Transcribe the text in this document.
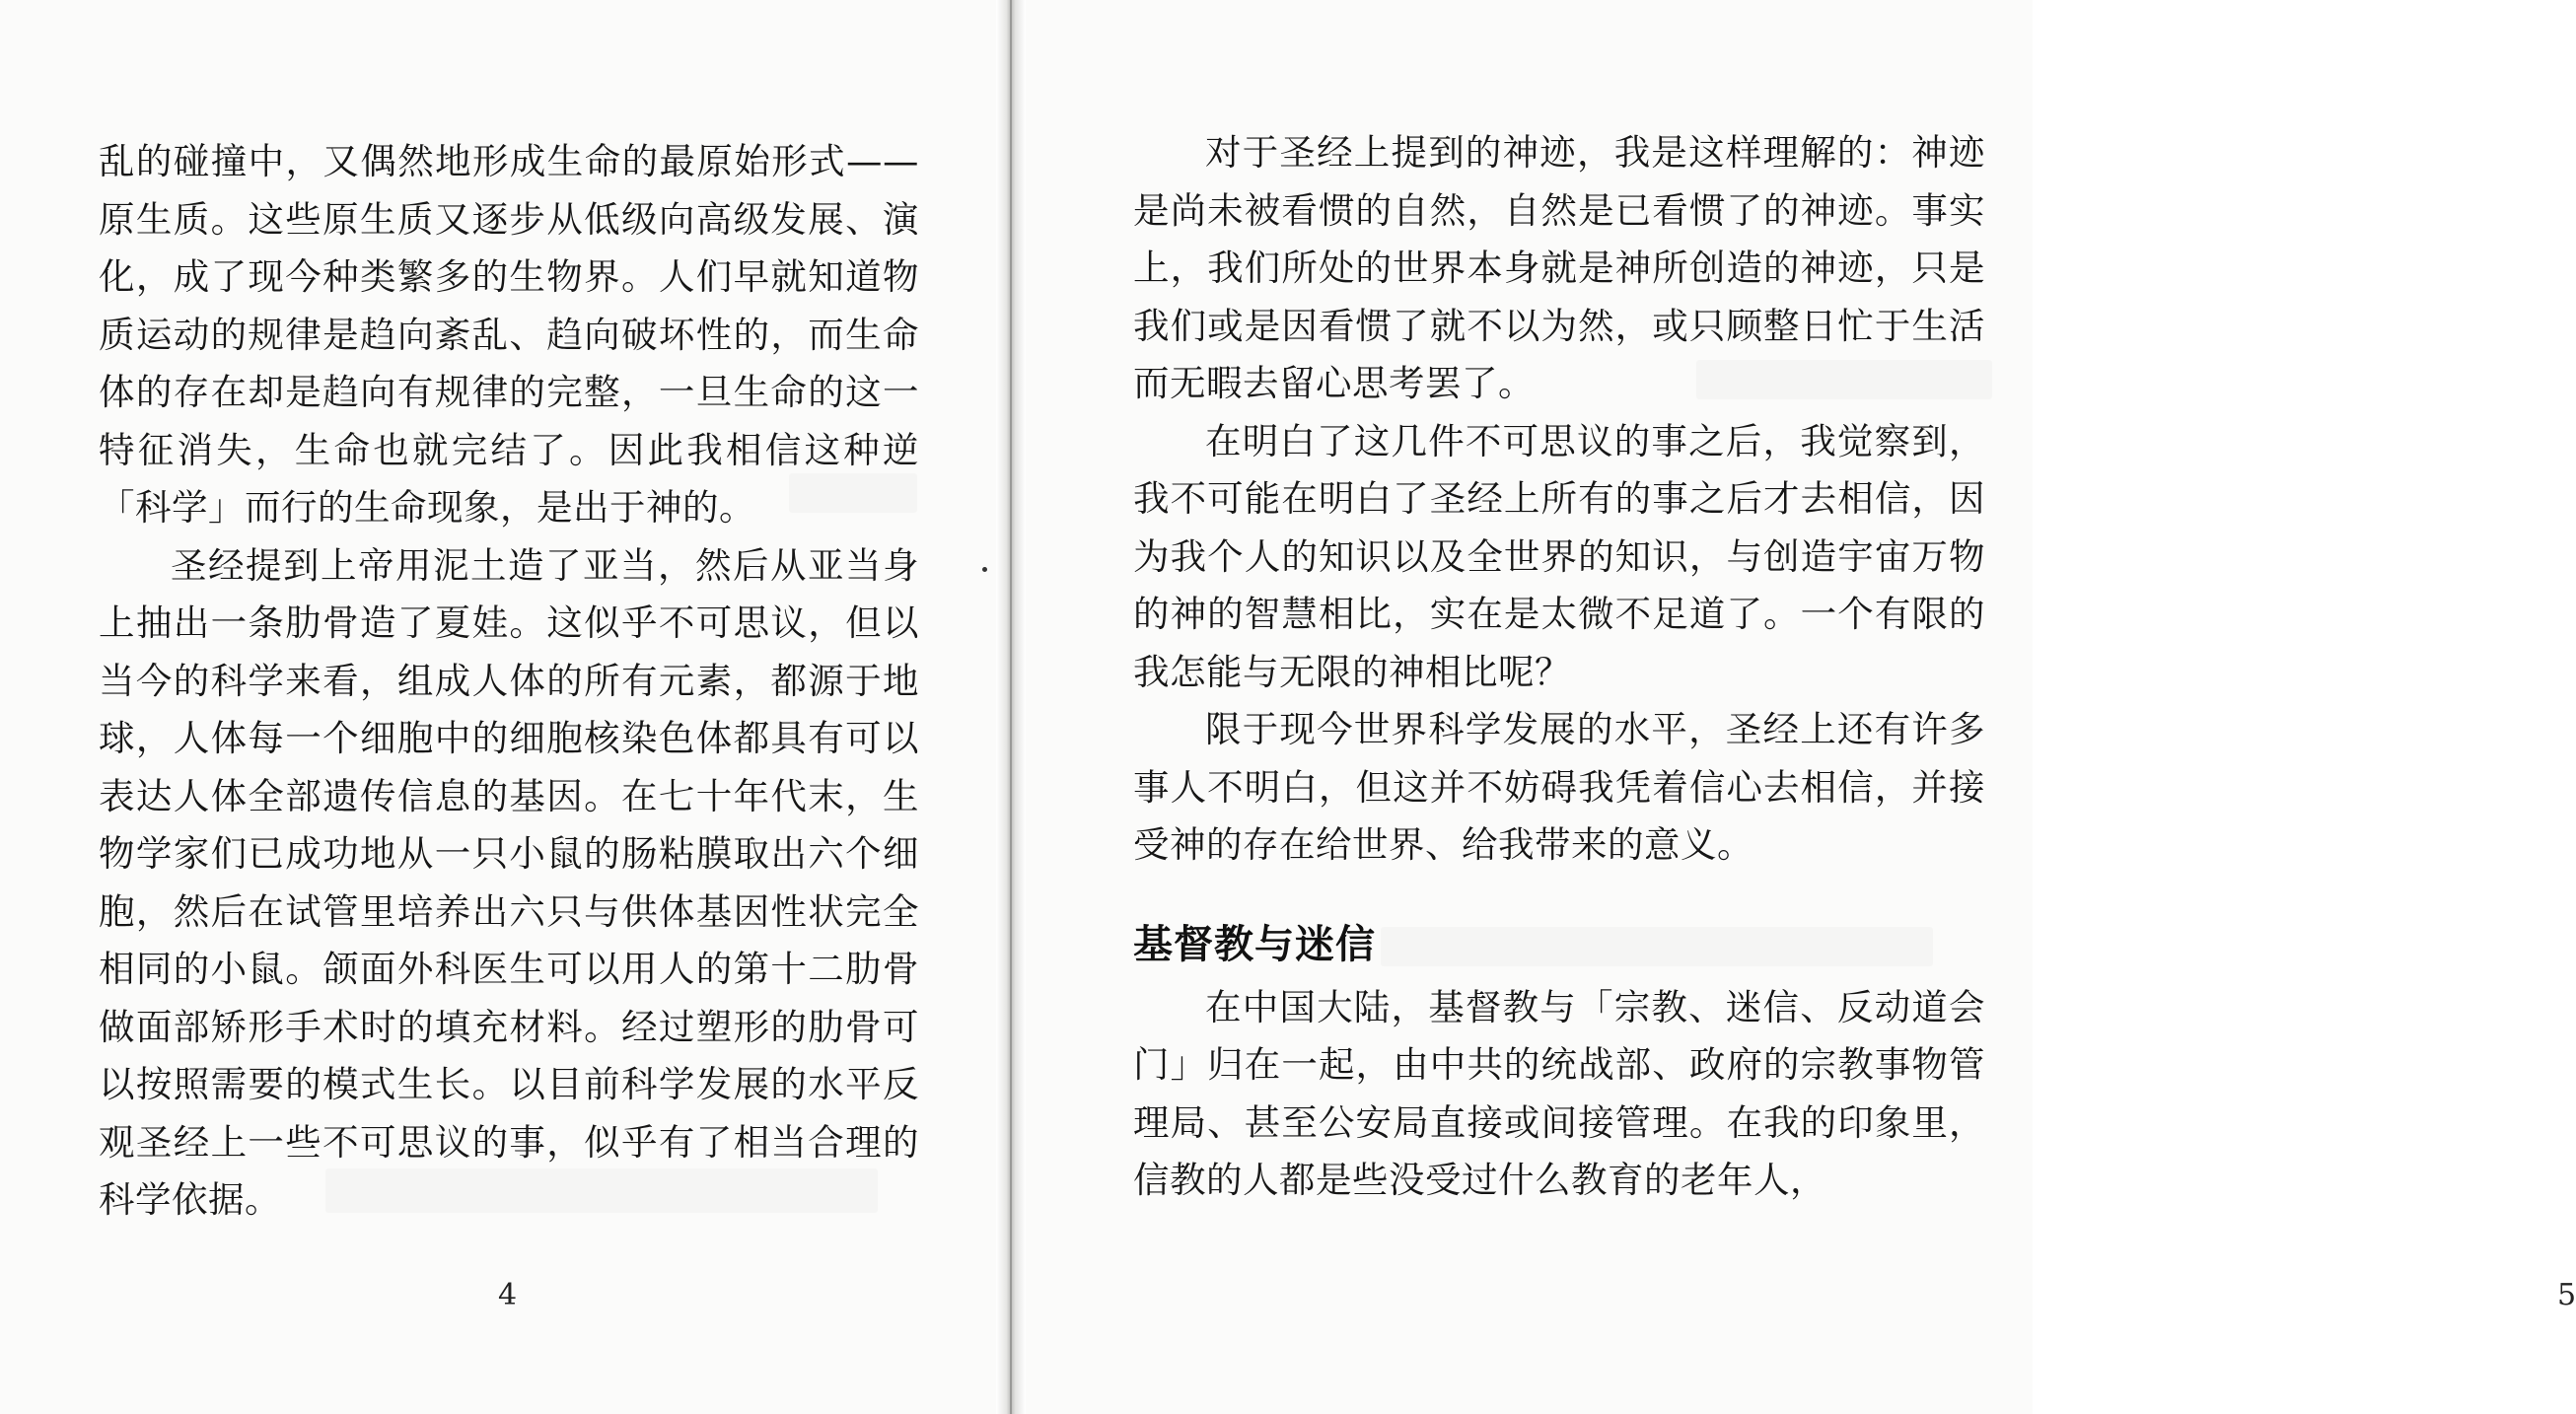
乱的碰撞中，又偶然地形成生命的最原始形式——原生质。这些原生质又逐步从低级向高级发展、演化，成了现今种类繁多的生物界。人们早就知道物质运动的规律是趋向紊乱、趋向破坏性的，而生命体的存在却是趋向有规律的完整，一旦生命的这一特征消失，生命也就完结了。因此我相信这种逆「科学」而行的生命现象，是出于神的。

圣经提到上帝用泥土造了亚当，然后从亚当身上抽出一条肋骨造了夏娃。这似乎不可思议，但以当今的科学来看，组成人体的所有元素，都源于地球，人体每一个细胞中的细胞核染色体都具有可以表达人体全部遗传信息的基因。在七十年代末，生物学家们已成功地从一只小鼠的肠粘膜取出六个细胞，然后在试管里培养出六只与供体基因性状完全相同的小鼠。颌面外科医生可以用人的第十二肋骨做面部矫形手术时的填充材料。经过塑形的肋骨可以按照需要的模式生长。以目前科学发展的水平反观圣经上一些不可思议的事，似乎有了相当合理的科学依据。

4

对于圣经上提到的神迹，我是这样理解的：神迹是尚未被看惯的自然，自然是已看惯了的神迹。事实上，我们所处的世界本身就是神所创造的神迹，只是我们或是因看惯了就不以为然，或只顾整日忙于生活而无暇去留心思考罢了。

在明白了这几件不可思议的事之后，我觉察到，我不可能在明白了圣经上所有的事之后才去相信，因为我个人的知识以及全世界的知识，与创造宇宙万物的神的智慧相比，实在是太微不足道了。一个有限的我怎能与无限的神相比呢？

限于现今世界科学发展的水平，圣经上还有许多事人不明白，但这并不妨碍我凭着信心去相信，并接受神的存在给世界、给我带来的意义。

基督教与迷信

在中国大陆，基督教与「宗教、迷信、反动道会门」归在一起，由中共的统战部、政府的宗教事物管理局、甚至公安局直接或间接管理。在我的印象里，信教的人都是些没受过什么教育的老年人，

5
